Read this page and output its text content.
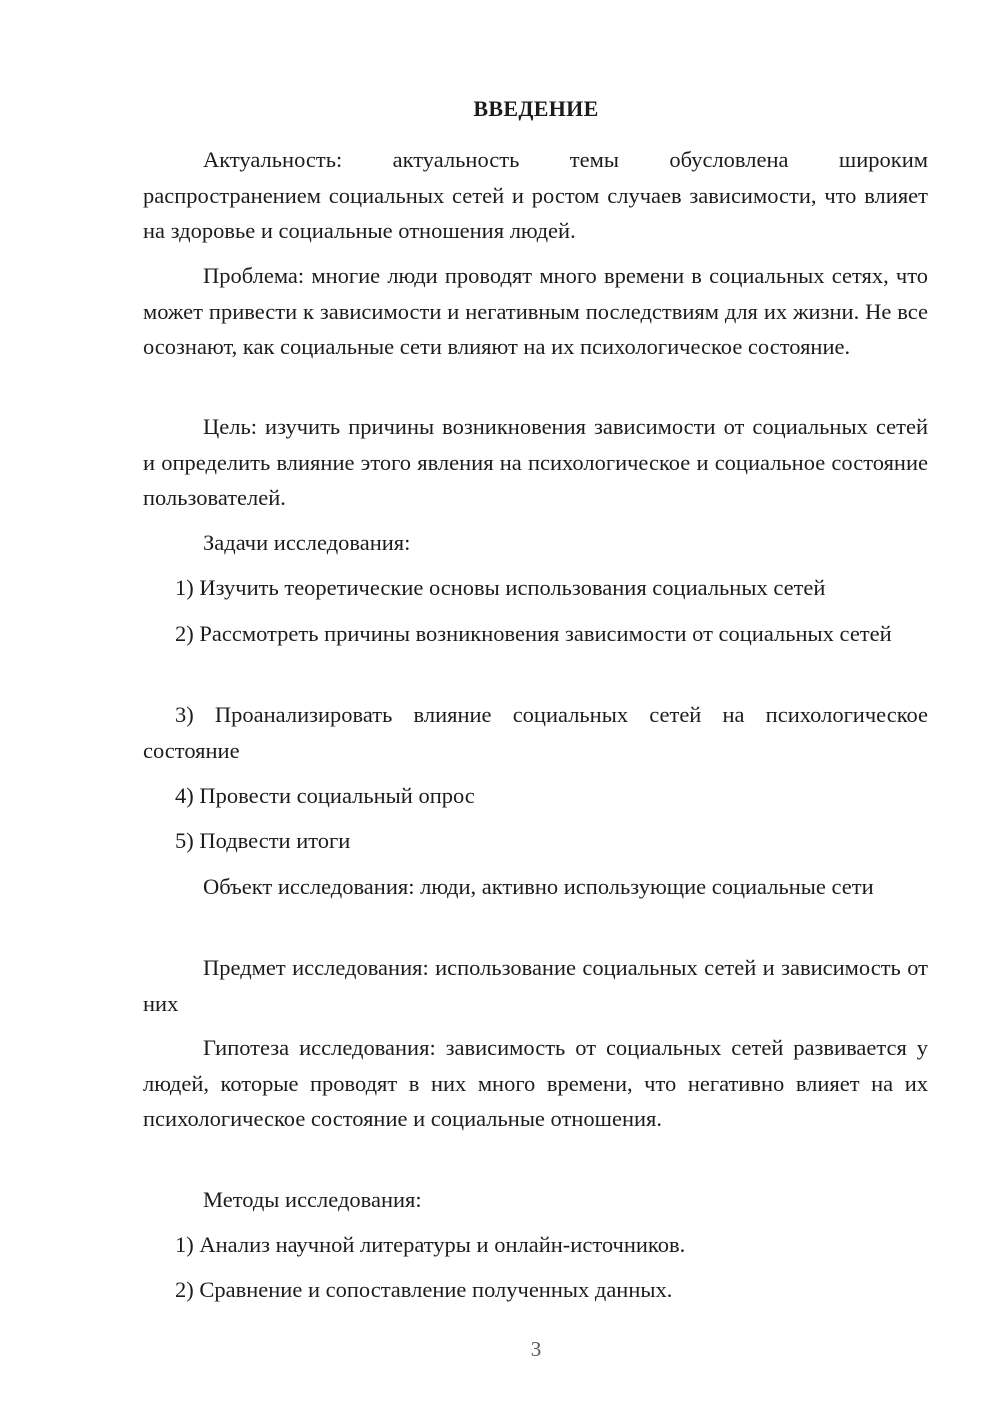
ВВЕДЕНИЕ

Актуальность: актуальность темы обусловлена широким распространением социальных сетей и ростом случаев зависимости, что влияет на здоровье и социальные отношения людей.

Проблема: многие люди проводят много времени в социальных сетях, что может привести к зависимости и негативным последствиям для их жизни. Не все осознают, как социальные сети влияют на их психологическое состояние.

Цель: изучить причины возникновения зависимости от социальных сетей и определить влияние этого явления на психологическое и социальное состояние пользователей.

Задачи исследования:

1) Изучить теоретические основы использования социальных сетей

2) Рассмотреть причины возникновения зависимости от социальных сетей

3) Проанализировать влияние социальных сетей на психологическое состояние

4) Провести социальный опрос

5) Подвести итоги

Объект исследования: люди, активно использующие социальные сети

Предмет исследования: использование социальных сетей и зависимость от них

Гипотеза исследования: зависимость от социальных сетей развивается у людей, которые проводят в них много времени, что негативно влияет на их психологическое состояние и социальные отношения.

Методы исследования:

1) Анализ научной литературы и онлайн-источников.

2) Сравнение и сопоставление полученных данных.

3
